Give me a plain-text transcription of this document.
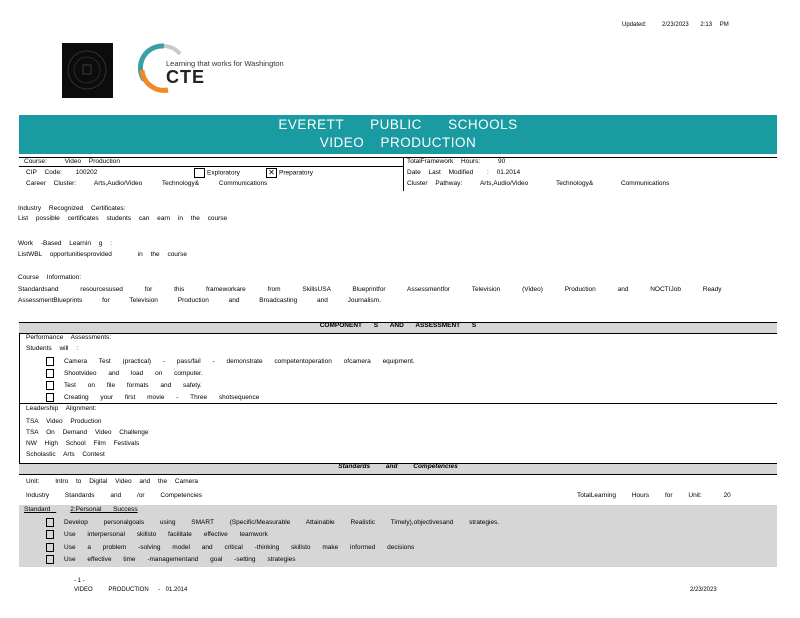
Updated:	2/23/2023 2:13 PM
Learning that works for Washington
CTE
EVERETT PUBLIC SCHOOLS
VIDEO PRODUCTION
Course:	Video Production
CIP Code: 100202	Exploratory	✕ Preparatory
Career Cluster:	Arts,Audio/Video Technology& Communications
TotalFramework Hours:	90
Date Last Modified : 01.2014
Cluster Pathway:	Arts,Audio/Video Technology& Communications
Industry Recognized Certificates:
List possible certificates students can earn in the course
Work -Based Learnin g :
ListWBL opportunitiesprovided	in the course
Course Information:
Standardsand resourcesused for this frameworkare from SkillsUSA Blueprintfor Assessmentfor Television (Video) Production and NOCTIJob Ready
AssessmentBlueprints for Television Production and Broadcasting and Journalism.
COMPONENT S AND ASSESSMENT S
Performance Assessments:
Students will :
Camera Test (practical) - pass/fail - demonstrate competentoperation ofcamera equipment.
Shootvideo and load on computer.
Test on file formats and safety.
Creating your first movie - Three shotsequence
Leadership Alignment:
TSA Video Production
TSA On Demand Video Challenge
NW High School Film Festivals
Scholastic Arts Contest
Standards and Competencies
Unit: Intro to Digital Video and the Camera
Industry Standards and /or Competencies	TotalLearning Hours for Unit:	20
Standard	2:Personal Success
Develop personalgoals using SMART (Specific/Measurable Attainable Realistic Timely),objectivesand strategies.
Use interpersonal skillsto facilitate effective teamwork
Use a problem -solving model and critical -thinking skillsto make informed decisions
Use effective time -managementand goal -setting strategies
- 1 -
VIDEO PRODUCTION - 01.2014	2/23/2023
